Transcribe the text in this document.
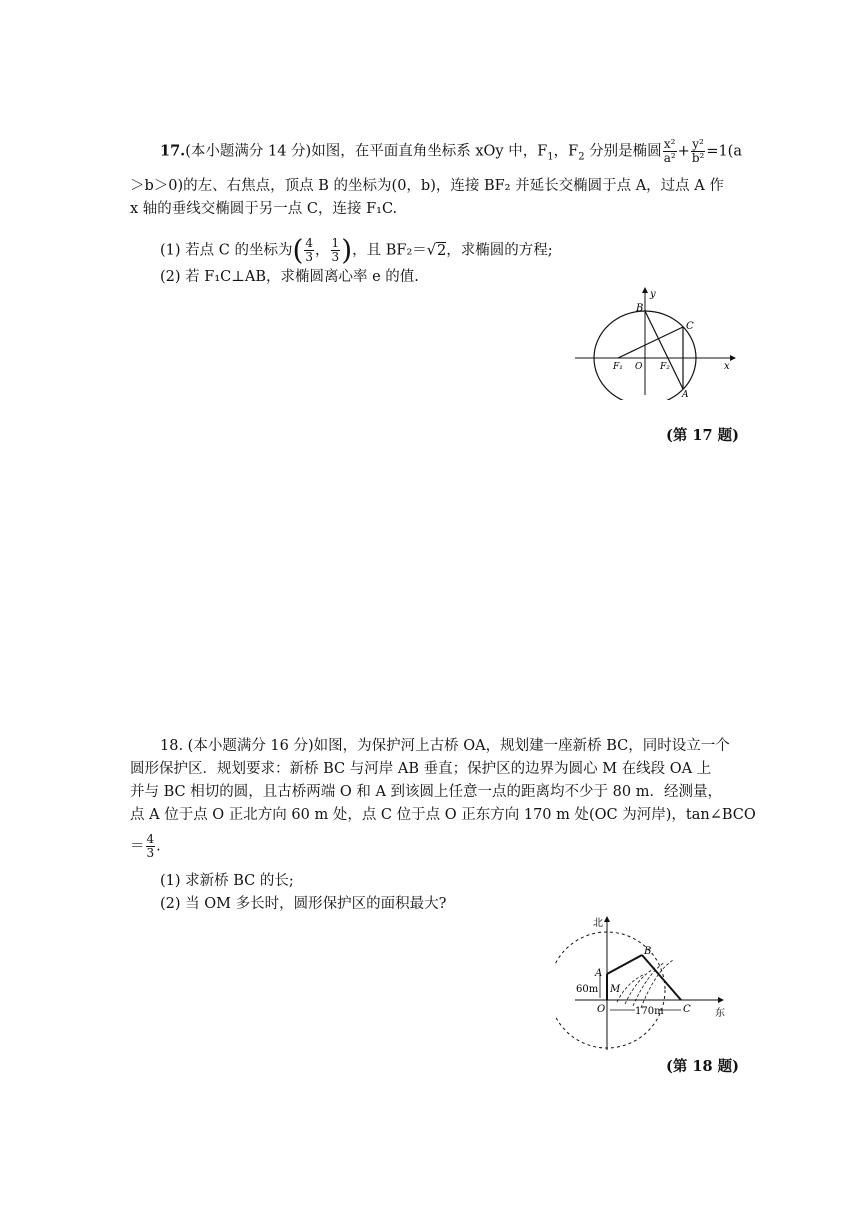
17.(本小题满分 14 分)如图，在平面直角坐标系 xOy 中，$F_1$，$F_2$ 分别是椭圆 $\frac{\text{x²}}{\text{a²}} + \frac{\text{y²}}{\text{b²}} =1(a$
＞b＞0)的左、右焦点，顶点 B 的坐标为(0，b)，连接 BF₂ 并延长交椭圆于点 A，过点 A 作
x 轴的垂线交椭圆于另一点 C，连接 F₁C.
(1) 若点 C 的坐标为( $\frac{4}{3}$ ， $\frac{1}{3}$ )，且 BF₂＝√2，求椭圆的方程;
(2) 若 F₁C⊥AB，求椭圆离心率 e 的值.
B
y
C
F₁ O F₂	x
A
(第 17 题)
18. (本小题满分 16 分)如图，为保护河上古桥 OA，规划建一座新桥 BC，同时设立一个
圆形保护区．规划要求：新桥 BC 与河岸 AB 垂直；保护区的边界为圆心 M 在线段 OA 上
并与 BC 相切的圆，且古桥两端 O 和 A 到该圆上任意一点的距离均不少于 80 m．经测量，
点 A 位于点 O 正北方向 60 m 处，点 C 位于点 O 正东方向 170 m 处(OC 为河岸)，tan∠BCO
＝ $\frac{4}{3}$ .
(1) 求新桥 BC 的长;
(2) 当 OM 多长时，圆形保护区的面积最大?
北
B
A
60m M
O	170m C 东
(第 18 题)
